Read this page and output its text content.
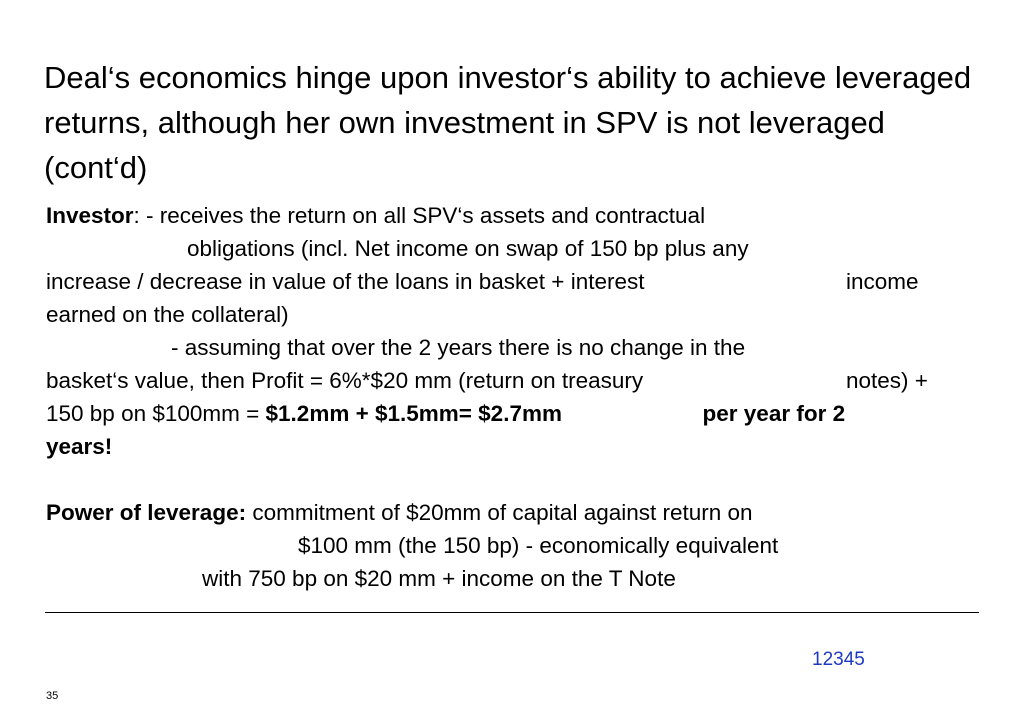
Deal‘s economics hinge upon investor‘s ability to achieve leveraged returns, although her own investment in SPV is not leveraged (cont‘d)
Investor: - receives the return on all SPV‘s assets and contractual
obligations (incl. Net income on swap of 150 bp plus any
increase / decrease in value of the loans in basket + interest	income
earned on the collateral)
- assuming that over the 2 years there is no change in the
basket‘s value, then Profit = 6%*$20 mm (return on treasury	notes) +
150 bp on $100mm = $1.2mm + $1.5mm= $2.7mm	per year for 2
years!
Power of leverage: commitment of $20mm of capital against return on
$100 mm (the 150 bp) - economically equivalent
with 750 bp on $20 mm + income on the T Note
12345
35
